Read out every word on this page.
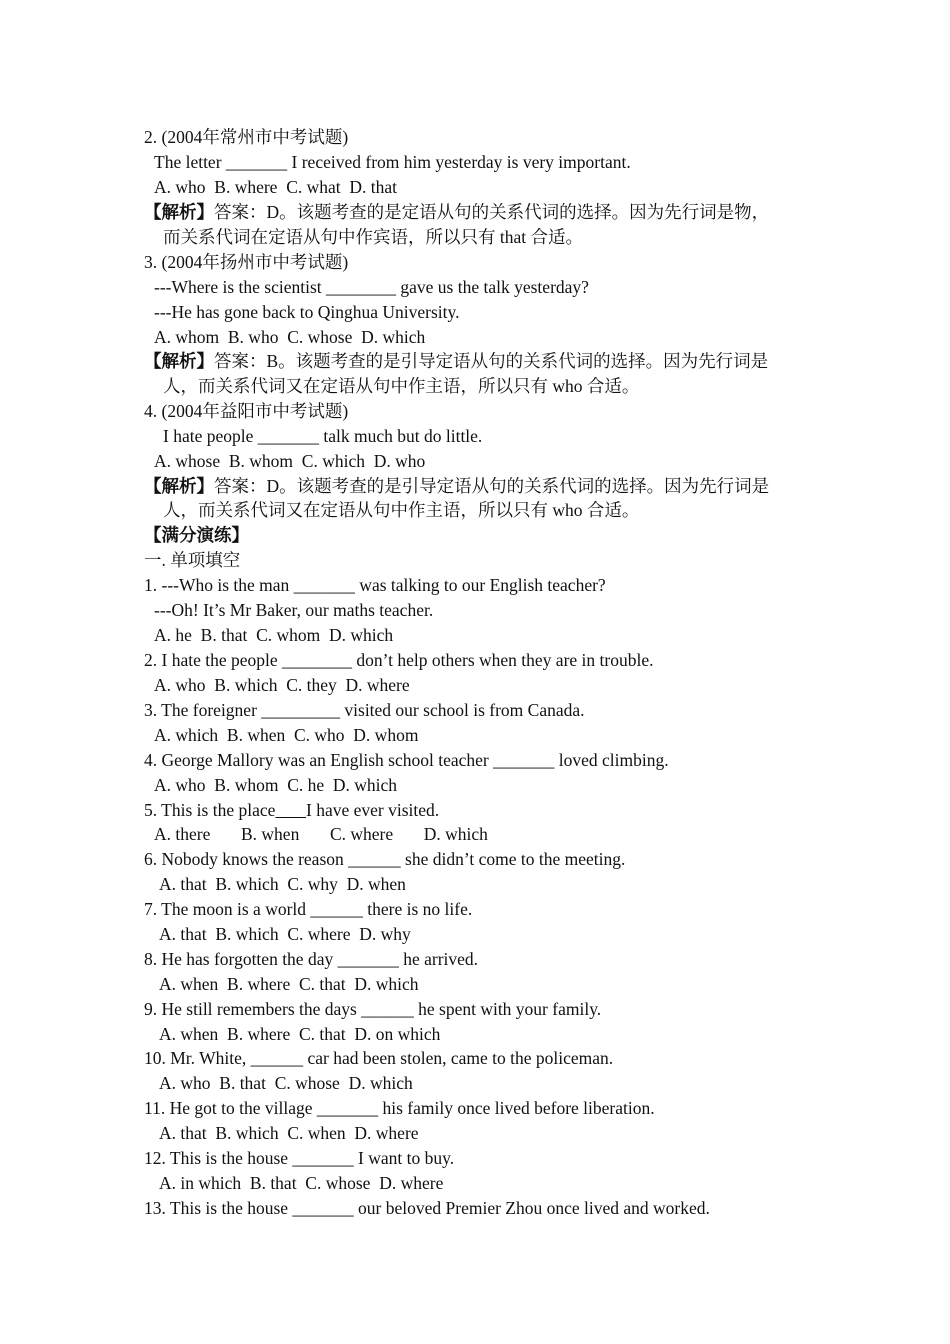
2. (2004年常州市中考试题)
The letter _______ I received from him yesterday is very important.
A. who  B. where  C. what  D. that
【解析】答案：D。该题考查的是定语从句的关系代词的选择。因为先行词是物，
而关系代词在定语从句中作宾语，所以只有 that 合适。
3. (2004年扬州市中考试题)
---Where is the scientist ________ gave us the talk yesterday?
---He has gone back to Qinghua University.
A. whom  B. who  C. whose  D. which
【解析】答案：B。该题考查的是引导定语从句的关系代词的选择。因为先行词是
人，而关系代词又在定语从句中作主语，所以只有 who 合适。
4. (2004年益阳市中考试题)
I hate people _______ talk much but do little.
A. whose  B. whom  C. which  D. who
【解析】答案：D。该题考查的是引导定语从句的关系代词的选择。因为先行词是
人，而关系代词又在定语从句中作主语，所以只有 who 合适。
【满分演练】
一. 单项填空
1. ---Who is the man _______ was talking to our English teacher?
---Oh! It’s Mr Baker, our maths teacher.
A. he  B. that  C. whom  D. which
2. I hate the people ________ don’t help others when they are in trouble.
A. who  B. which  C. they  D. where
3. The foreigner _________ visited our school is from Canada.
A. which  B. when  C. who  D. whom
4. George Mallory was an English school teacher _______ loved climbing.
A. who  B. whom  C. he  D. which
5. This is the place I have ever visited.
A. there       B. when       C. where       D. which
6. Nobody knows the reason ______ she didn’t come to the meeting.
A. that  B. which  C. why  D. when
7. The moon is a world ______ there is no life.
A. that  B. which  C. where  D. why
8. He has forgotten the day _______ he arrived.
A. when  B. where  C. that  D. which
9. He still remembers the days ______ he spent with your family.
A. when  B. where  C. that  D. on which
10. Mr. White, ______ car had been stolen, came to the policeman.
A. who  B. that  C. whose  D. which
11. He got to the village _______ his family once lived before liberation.
A. that  B. which  C. when  D. where
12. This is the house _______ I want to buy.
A. in which  B. that  C. whose  D. where
13. This is the house _______ our beloved Premier Zhou once lived and worked.
